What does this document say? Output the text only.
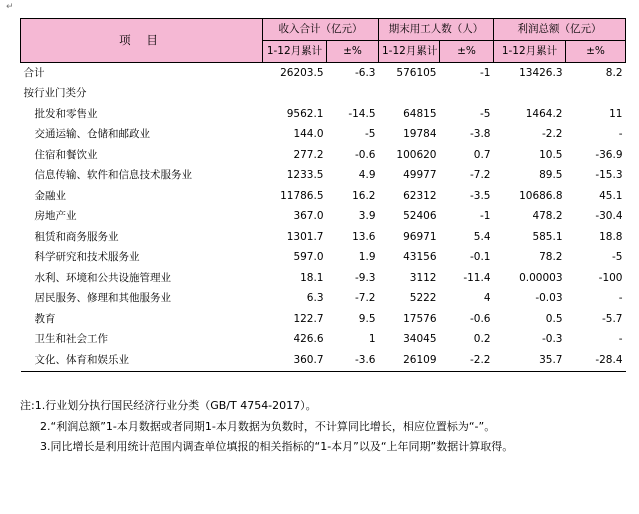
↵
项 目	收入合计（亿元）		期末用工人数（人）		利润总额（亿元）	
	1-12月累计	±%	1-12月累计	±%	1-12月累计	±%

合计	26203.5	-6.3	576105	-1	13426.3	8.2
按行业门类分						
批发和零售业	9562.1	-14.5	64815	-5	1464.2	11
交通运输、仓储和邮政业	144.0	-5	19784	-3.8	-2.2	-
住宿和餐饮业	277.2	-0.6	100620	0.7	10.5	-36.9
信息传输、软件和信息技术服务业	1233.5	4.9	49977	-7.2	89.5	-15.3
金融业	11786.5	16.2	62312	-3.5	10686.8	45.1
房地产业	367.0	3.9	52406	-1	478.2	-30.4
租赁和商务服务业	1301.7	13.6	96971	5.4	585.1	18.8
科学研究和技术服务业	597.0	1.9	43156	-0.1	78.2	-5
水利、环境和公共设施管理业	18.1	-9.3	3112	-11.4	0.00003	-100
居民服务、修理和其他服务业	6.3	-7.2	5222	4	-0.03	-
教育	122.7	9.5	17576	-0.6	0.5	-5.7
卫生和社会工作	426.6	1	34045	0.2	-0.3	-
文化、体育和娱乐业	360.7	-3.6	26109	-2.2	35.7	-28.4

注:1.行业划分执行国民经济行业分类（GB/T 4754-2017）。

2.“利润总额”1-本月数据或者同期1-本月数据为负数时，不计算同比增长，相应位置标为“-”。

3.同比增长是利用统计范围内调查单位填报的相关指标的“1-本月”以及“上年同期”数据计算取得。
